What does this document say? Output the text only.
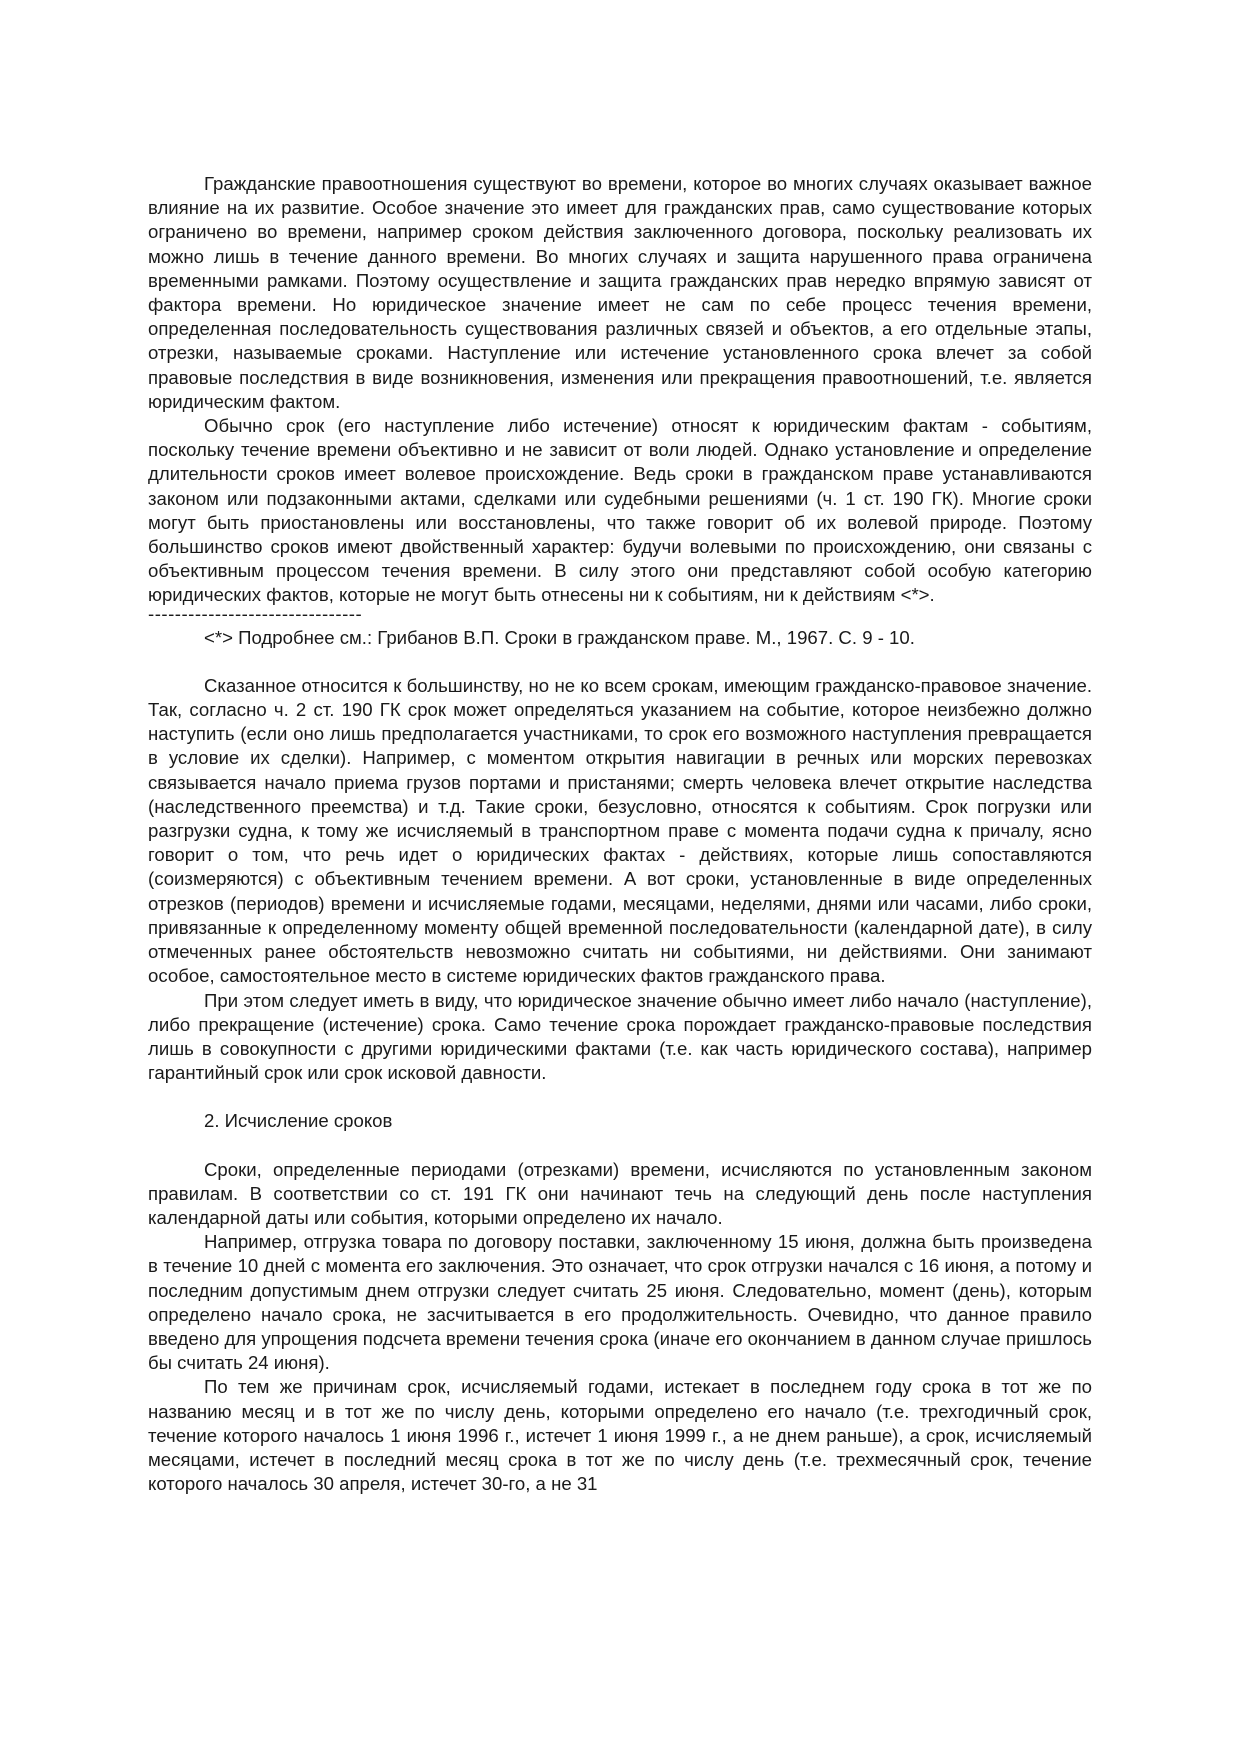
Гражданские правоотношения существуют во времени, которое во многих случаях оказывает важное влияние на их развитие. Особое значение это имеет для гражданских прав, само существование которых ограничено во времени, например сроком действия заключенного договора, поскольку реализовать их можно лишь в течение данного времени. Во многих случаях и защита нарушенного права ограничена временными рамками. Поэтому осуществление и защита гражданских прав нередко впрямую зависят от фактора времени. Но юридическое значение имеет не сам по себе процесс течения времени, определенная последовательность существования различных связей и объектов, а его отдельные этапы, отрезки, называемые сроками. Наступление или истечение установленного срока влечет за собой правовые последствия в виде возникновения, изменения или прекращения правоотношений, т.е. является юридическим фактом.

Обычно срок (его наступление либо истечение) относят к юридическим фактам - событиям, поскольку течение времени объективно и не зависит от воли людей. Однако установление и определение длительности сроков имеет волевое происхождение. Ведь сроки в гражданском праве устанавливаются законом или подзаконными актами, сделками или судебными решениями (ч. 1 ст. 190 ГК). Многие сроки могут быть приостановлены или восстановлены, что также говорит об их волевой природе. Поэтому большинство сроков имеют двойственный характер: будучи волевыми по происхождению, они связаны с объективным процессом течения времени. В силу этого они представляют собой особую категорию юридических фактов, которые не могут быть отнесены ни к событиям, ни к действиям <*>.

--------------------------------

<*> Подробнее см.: Грибанов В.П. Сроки в гражданском праве. М., 1967. С. 9 - 10.

Сказанное относится к большинству, но не ко всем срокам, имеющим гражданско-правовое значение. Так, согласно ч. 2 ст. 190 ГК срок может определяться указанием на событие, которое неизбежно должно наступить (если оно лишь предполагается участниками, то срок его возможного наступления превращается в условие их сделки). Например, с моментом открытия навигации в речных или морских перевозках связывается начало приема грузов портами и пристанями; смерть человека влечет открытие наследства (наследственного преемства) и т.д. Такие сроки, безусловно, относятся к событиям. Срок погрузки или разгрузки судна, к тому же исчисляемый в транспортном праве с момента подачи судна к причалу, ясно говорит о том, что речь идет о юридических фактах - действиях, которые лишь сопоставляются (соизмеряются) с объективным течением времени. А вот сроки, установленные в виде определенных отрезков (периодов) времени и исчисляемые годами, месяцами, неделями, днями или часами, либо сроки, привязанные к определенному моменту общей временной последовательности (календарной дате), в силу отмеченных ранее обстоятельств невозможно считать ни событиями, ни действиями. Они занимают особое, самостоятельное место в системе юридических фактов гражданского права.

При этом следует иметь в виду, что юридическое значение обычно имеет либо начало (наступление), либо прекращение (истечение) срока. Само течение срока порождает гражданско-правовые последствия лишь в совокупности с другими юридическими фактами (т.е. как часть юридического состава), например гарантийный срок или срок исковой давности.

2. Исчисление сроков

Сроки, определенные периодами (отрезками) времени, исчисляются по установленным законом правилам. В соответствии со ст. 191 ГК они начинают течь на следующий день после наступления календарной даты или события, которыми определено их начало.

Например, отгрузка товара по договору поставки, заключенному 15 июня, должна быть произведена в течение 10 дней с момента его заключения. Это означает, что срок отгрузки начался с 16 июня, а потому и последним допустимым днем отгрузки следует считать 25 июня. Следовательно, момент (день), которым определено начало срока, не засчитывается в его продолжительность. Очевидно, что данное правило введено для упрощения подсчета времени течения срока (иначе его окончанием в данном случае пришлось бы считать 24 июня).

По тем же причинам срок, исчисляемый годами, истекает в последнем году срока в тот же по названию месяц и в тот же по числу день, которыми определено его начало (т.е. трехгодичный срок, течение которого началось 1 июня 1996 г., истечет 1 июня 1999 г., а не днем раньше), а срок, исчисляемый месяцами, истечет в последний месяц срока в тот же по числу день (т.е. трехмесячный срок, течение которого началось 30 апреля, истечет 30-го, а не 31
